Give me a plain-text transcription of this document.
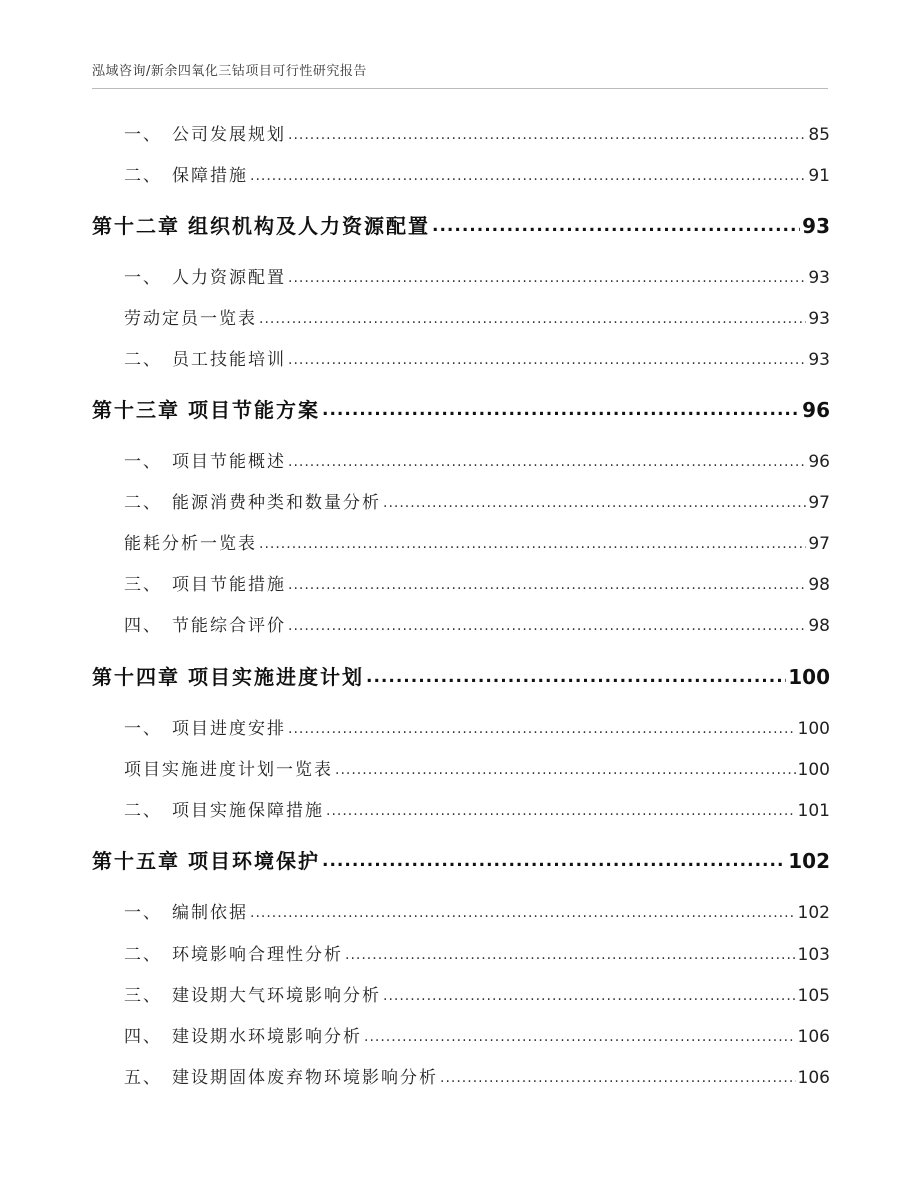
泓域咨询/新余四氧化三钴项目可行性研究报告
一、 公司发展规划 .....	85
二、 保障措施 .....	91
第十二章 组织机构及人力资源配置 .....	93
一、 人力资源配置 .....	93
劳动定员一览表 .....	93
二、 员工技能培训 .....	93
第十三章 项目节能方案 .....	96
一、 项目节能概述 .....	96
二、 能源消费种类和数量分析 .....	97
能耗分析一览表 .....	97
三、 项目节能措施 .....	98
四、 节能综合评价 .....	98
第十四章 项目实施进度计划 .....	100
一、 项目进度安排 .....	100
项目实施进度计划一览表 .....	100
二、 项目实施保障措施 .....	101
第十五章 项目环境保护 .....	102
一、 编制依据 .....	102
二、 环境影响合理性分析 .....	103
三、 建设期大气环境影响分析 .....	105
四、 建设期水环境影响分析 .....	106
五、 建设期固体废弃物环境影响分析 .....	106
